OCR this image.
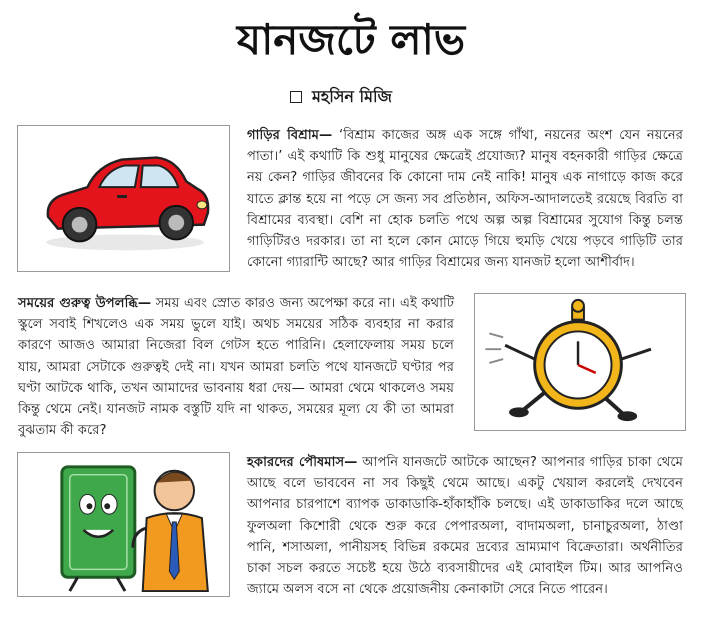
যানজটে লাভ
মহসিন মিজি

গাড়ির বিশ্রাম— ‘বিশ্রাম কাজের অঙ্গ এক সঙ্গে গাঁথা, নয়নের অংশ যেন নয়নের পাতা।’ এই কথাটি কি শুধু মানুষের ক্ষেত্রেই প্রযোজ্য? মানুষ বহনকারী গাড়ির ক্ষেত্রে নয় কেন? গাড়ির জীবনের কি কোনো দাম নেই নাকি! মানুষ এক নাগাড়ে কাজ করে যাতে ক্লান্ত হয়ে না পড়ে সে জন্য সব প্রতিষ্ঠান, অফিস-আদালতেই রয়েছে বিরতি বা বিশ্রামের ব্যবস্থা। বেশি না হোক চলতি পথে অল্প অল্প বিশ্রামের সুযোগ কিন্তু চলন্ত গাড়িটিরও দরকার। তা না হলে কোন মোড়ে গিয়ে হুমড়ি খেয়ে পড়বে গাড়িটি তার কোনো গ্যারান্টি আছে? আর গাড়ির বিশ্রামের জন্য যানজট হলো আশীর্বাদ।

সময়ের গুরুত্ব উপলব্ধি— সময় এবং স্রোত কারও জন্য অপেক্ষা করে না। এই কথাটি স্কুলে সবাই শিখলেও এক সময় ভুলে যাই। অথচ সময়ের সঠিক ব্যবহার না করার কারণে আজও আমারা নিজেরা বিল গেটস হতে পারিনি। হেলাফেলায় সময় চলে যায়, আমরা সেটাকে গুরুত্বই দেই না। যখন আমরা চলতি পথে যানজটে ঘণ্টার পর ঘণ্টা আটকে থাকি, তখন আমাদের ভাবনায় ধরা দেয়— আমরা থেমে থাকলেও সময় কিন্তু থেমে নেই। যানজট নামক বস্তুটি যদি না থাকত, সময়ের মূল্য যে কী তা আমরা বুঝতাম কী করে?

হকারদের পৌষমাস— আপনি যানজটে আটকে আছেন? আপনার গাড়ির চাকা থেমে আছে বলে ভাববেন না সব কিছুই থেমে আছে। একটু খেয়াল করলেই দেখবেন আপনার চারপাশে ব্যাপক ডাকাডাকি-হাঁকাহাঁকি চলছে। এই ডাকাডাকির দলে আছে ফুলঅলা কিশোরী থেকে শুরু করে পেপারঅলা, বাদামঅলা, চানাচুরঅলা, ঠাণ্ডা পানি, শসাঅলা, পানীয়সহ বিভিন্ন রকমের দ্রব্যের ভ্রাম্যমাণ বিক্রেতারা। অর্থনীতির চাকা সচল করতে সচেষ্ট হয়ে উঠে ব্যবসায়ীদের এই মোবাইল টিম। আর আপনিও জ্যামে অলস বসে না থেকে প্রয়োজনীয় কেনাকাটা সেরে নিতে পারেন।
